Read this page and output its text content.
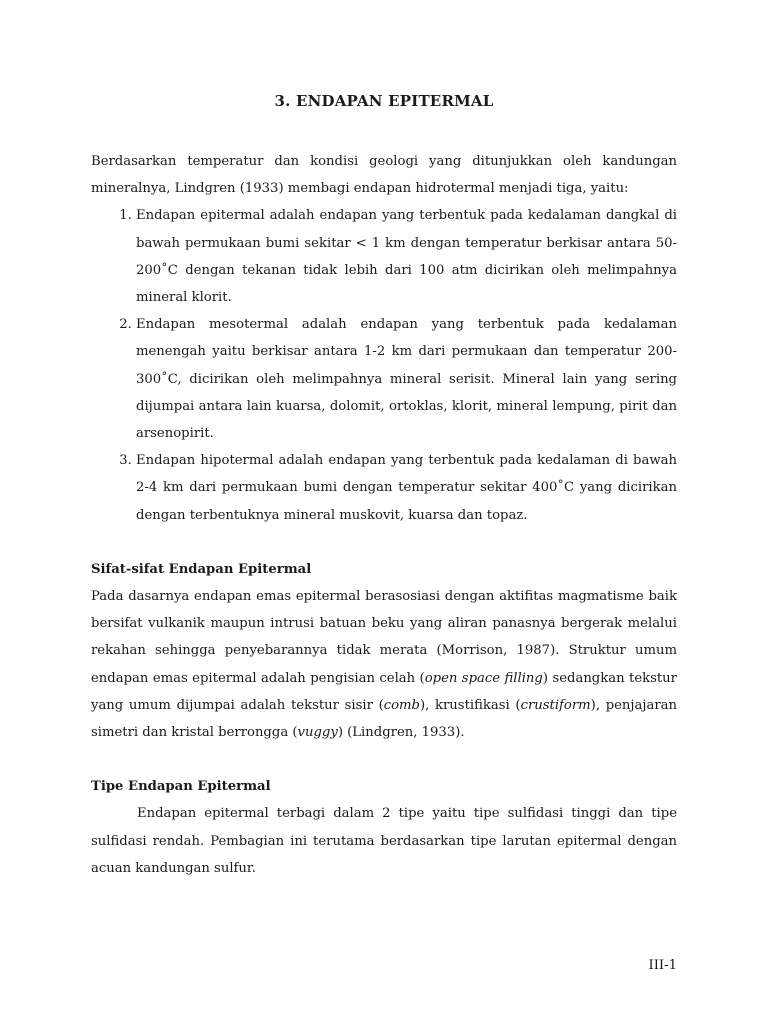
3. ENDAPAN EPITERMAL

Berdasarkan temperatur dan kondisi geologi yang ditunjukkan oleh kandungan mineralnya, Lindgren (1933) membagi endapan hidrotermal menjadi tiga, yaitu:

1. Endapan epitermal adalah endapan yang terbentuk pada kedalaman dangkal di bawah permukaan bumi sekitar < 1 km dengan temperatur berkisar antara 50-200˚C dengan tekanan tidak lebih dari 100 atm dicirikan oleh melimpahnya mineral klorit.
2. Endapan mesotermal adalah endapan yang terbentuk pada kedalaman menengah yaitu berkisar antara 1-2 km dari permukaan dan temperatur 200-300˚C, dicirikan oleh melimpahnya mineral serisit. Mineral lain yang sering dijumpai antara lain kuarsa, dolomit, ortoklas, klorit, mineral lempung, pirit dan arsenopirit.
3. Endapan hipotermal adalah endapan yang terbentuk pada kedalaman di bawah 2-4 km dari permukaan bumi dengan temperatur sekitar 400˚C yang dicirikan dengan terbentuknya mineral muskovit, kuarsa dan topaz.

Sifat-sifat Endapan Epitermal

Pada dasarnya endapan emas epitermal berasosiasi dengan aktifitas magmatisme baik bersifat vulkanik maupun intrusi batuan beku yang aliran panasnya bergerak melalui rekahan sehingga penyebarannya tidak merata (Morrison, 1987). Struktur umum endapan emas epitermal adalah pengisian celah (open space filling) sedangkan tekstur yang umum dijumpai adalah tekstur sisir (comb), krustifikasi (crustiform), penjajaran simetri dan kristal berrongga (vuggy) (Lindgren, 1933).

Tipe Endapan Epitermal

Endapan epitermal terbagi dalam 2 tipe yaitu tipe sulfidasi tinggi dan tipe sulfidasi rendah. Pembagian ini terutama berdasarkan tipe larutan epitermal dengan acuan kandungan sulfur.

III-1
